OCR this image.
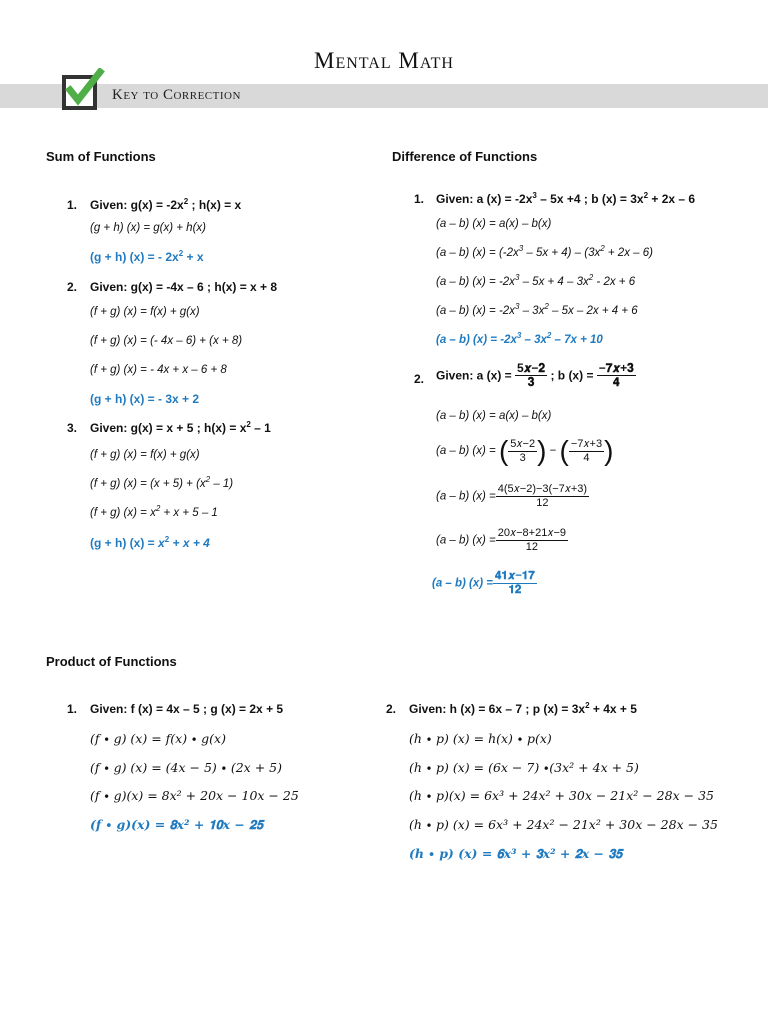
Mental Math
Key to Correction
Sum of Functions
1. Given: $g(x) = -2x^2$ ; h(x) = x
(g + h) (x) = g(x) + h(x)
(g + h) (x) = - $2x^2 + x$
2. Given: g(x) = -4x – 6 ; h(x) = x + 8
(f + g) (x) = f(x) + g(x)
(f + g) (x) = (- 4x – 6) + (x + 8)
(f + g) (x) = - 4x + x – 6 + 8
(g + h) (x) = - 3x + 2
3. Given: g(x) = x + 5 ; $h(x) = x^2 - 1$
(f + g) (x) = f(x) + g(x)
(f + g) $(x) = (x + 5) + (x^2 - 1)$
(f + g) $(x) = x^2 + x + 5 - 1$
(g + h) $(x) = x^2 + x + 4$
Difference of Functions
1. Given: a $(x) = -2x^3 - 5x +4$ ; b $(x) = 3x^2 + 2x - 6$
(a – b) (x) = a(x) – b(x)
(a – b) $(x) = (-2x^3 - 5x + 4) - (3x^2 + 2x - 6)$
(a – b) $(x) = -2x^3 - 5x + 4 - 3x^2 - 2x + 6$
(a – b) $(x) = -2x^3 - 3x^2 - 5x - 2x + 4 + 6$
(a – b) $(x) = -2x^3 - 3x^2 - 7x + 10$
2. Given: a $(x) = \frac{\text{5𝒙−𝟐}}{𝟑}$ ; b $(x) = \frac{\text{−𝟕𝒙+𝟑}}{𝟒}$
(a – b) (x) = a(x) – b(x)
(a – b) (x) = ( $\frac{\text{5𝑥−2}}{3}$ ) − ( $\frac{\text{−7𝑥+3}}{4}$ )
(a – b) $(x) = \frac{\text{4(5𝑥−2)−3(−7𝑥+3)}}{12}$
(a – b) $(x) = \frac{\text{20𝑥−8+21𝑥−9}}{12}$
(a – b) $(x) = \frac{\text{𝟒𝟏𝒙−𝟏𝟕}}{𝟏𝟐}$
Product of Functions
1. Given: f (x) = 4x – 5 ; g (x) = 2x + 5
(𝑓 ∙ 𝑔) (𝑥) = 𝑓(𝑥) ∙ 𝑔(𝑥)
(𝑓 ∙ 𝑔) (𝑥) = (4𝑥 − 5) ∙ (2𝑥 + 5)
(𝑓 ∙ 𝑔)(𝑥) = 8𝑥² + 20𝑥 − 10𝑥 − 25
(𝒇 ∙ 𝒈)(𝒙) = 𝟖𝒙² + 𝟏𝟎𝒙 − 𝟐𝟓
2. Given: h (x) = 6x – 7 ; p $(x) = 3x^2 + 4x + 5$
(ℎ ∙ 𝑝) (𝑥) = ℎ(𝑥) ∙ 𝑝(𝑥)
(ℎ ∙ 𝑝) (𝑥) = (6𝑥 − 7) ∙(3𝑥² + 4𝑥 + 5)
(ℎ ∙ 𝑝)(𝑥) = 6𝑥³ + 24𝑥² + 30𝑥 − 21𝑥² − 28𝑥 − 35
(ℎ ∙ 𝑝) (𝑥) = 6𝑥³ + 24𝑥² − 21𝑥² + 30𝑥 − 28𝑥 − 35
(𝒉 ∙ 𝒑) (𝒙) = 𝟔𝒙³ + 𝟑𝒙² + 𝟐𝒙 − 𝟑𝟓
